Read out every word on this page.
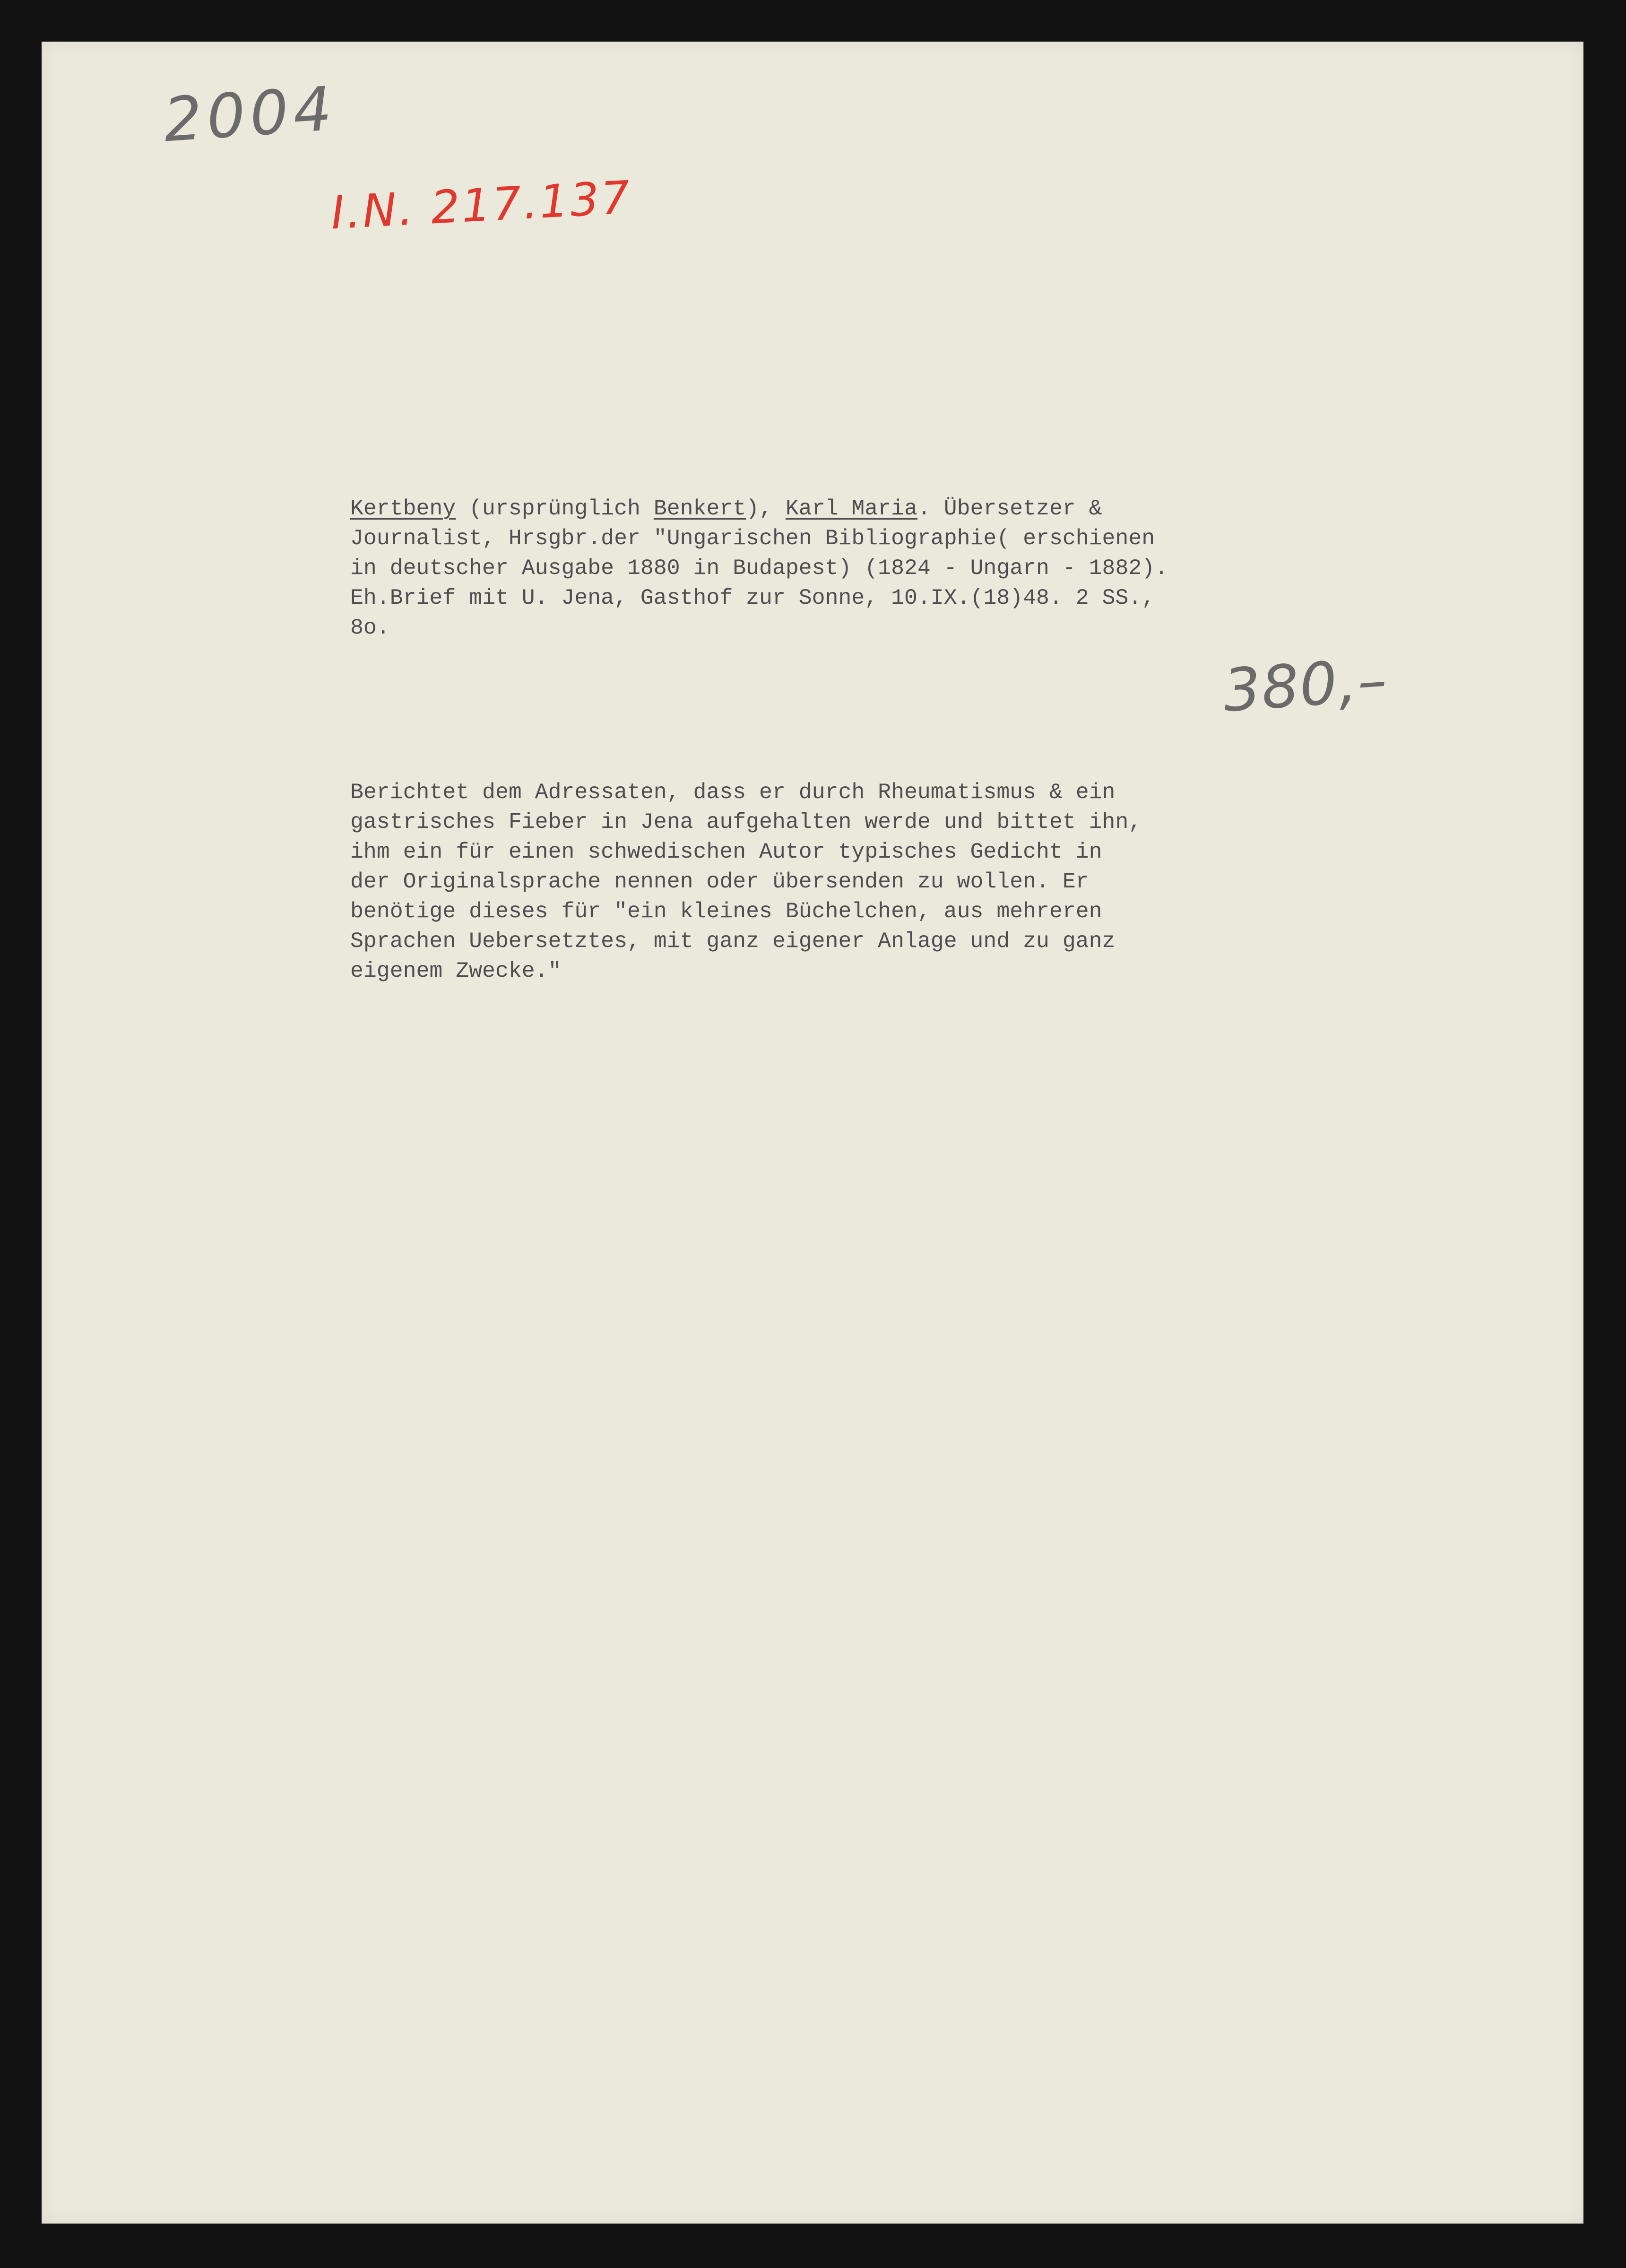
2004

I.N. 217.137

380,–

Kertbeny (ursprünglich Benkert), Karl Maria. Übersetzer &
Journalist, Hrsgbr.der "Ungarischen Bibliographie( erschienen
in deutscher Ausgabe 1880 in Budapest) (1824 - Ungarn - 1882).
Eh.Brief mit U. Jena, Gasthof zur Sonne, 10.IX.(18)48. 2 SS.,
8o.
Berichtet dem Adressaten, dass er durch Rheumatismus & ein
gastrisches Fieber in Jena aufgehalten werde und bittet ihn,
ihm ein für einen schwedischen Autor typisches Gedicht in
der Originalsprache nennen oder übersenden zu wollen. Er
benötige dieses für "ein kleines Büchelchen, aus mehreren
Sprachen Uebersetztes, mit ganz eigener Anlage und zu ganz
eigenem Zwecke."
